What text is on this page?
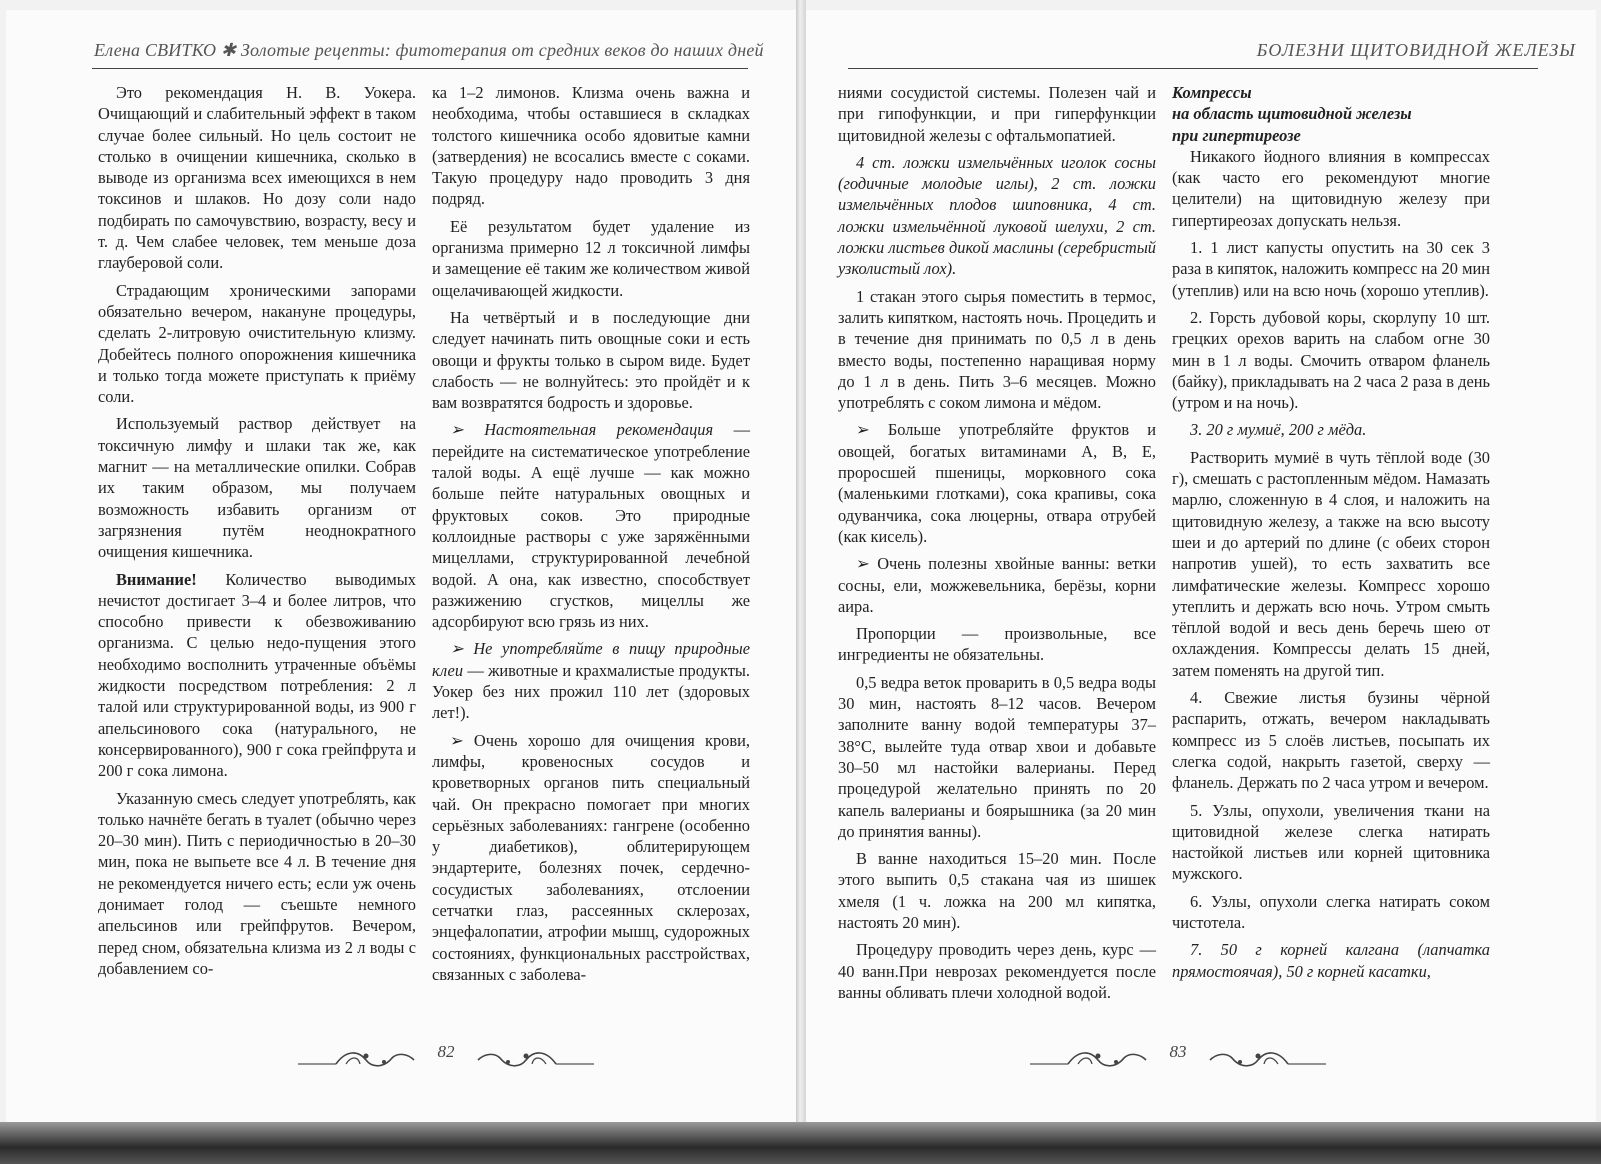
Елена СВИТКО ✱ Золотые рецепты: фитотерапия от средних веков до наших дней

Это рекомендация Н. В. Уокера. Очищающий и слабительный эффект в таком случае более сильный. Но цель состоит не столько в очищении кишечника, сколько в выводе из организма всех имеющихся в нем токсинов и шлаков. Но дозу соли надо подбирать по самочувствию, возрасту, весу и т. д. Чем слабее человек, тем меньше доза глауберовой соли.

Страдающим хроническими запорами обязательно вечером, накануне процедуры, сделать 2-литровую очистительную клизму. Добейтесь полного опорожнения кишечника и только тогда можете приступать к приёму соли.

Используемый раствор действует на токсичную лимфу и шлаки так же, как магнит — на металлические опилки. Собрав их таким образом, мы получаем возможность избавить организм от загрязнения путём неоднократного очищения кишечника.

Внимание! Количество выводимых нечистот достигает 3–4 и более литров, что способно привести к обезвоживанию организма. С целью недо-пущения этого необходимо восполнить утраченные объёмы жидкости посредством потребления: 2 л талой или структурированной воды, из 900 г апельсинового сока (натурального, не консервированного), 900 г сока грейпфрута и 200 г сока лимона.

Указанную смесь следует употреблять, как только начнёте бегать в туалет (обычно через 20–30 мин). Пить с периодичностью в 20–30 мин, пока не выпьете все 4 л. В течение дня не рекомендуется ничего есть; если уж очень донимает голод — съешьте немного апельсинов или грейпфрутов. Вечером, перед сном, обязательна клизма из 2 л воды с добавлением со-

ка 1–2 лимонов. Клизма очень важна и необходима, чтобы оставшиеся в складках толстого кишечника особо ядовитые камни (затвердения) не всосались вместе с соками. Такую процедуру надо проводить 3 дня подряд.

Её результатом будет удаление из организма примерно 12 л токсичной лимфы и замещение её таким же количеством живой ощелачивающей жидкости.

На четвёртый и в последующие дни следует начинать пить овощные соки и есть овощи и фрукты только в сыром виде. Будет слабость — не волнуйтесь: это пройдёт и к вам возвратятся бодрость и здоровье.

➢ Настоятельная рекомендация — перейдите на систематическое употребление талой воды. А ещё лучше — как можно больше пейте натуральных овощных и фруктовых соков. Это природные коллоидные растворы с уже заряжёнными мицеллами, структурированной лечебной водой. А она, как известно, способствует разжижению сгустков, мицеллы же адсорбируют всю грязь из них.

➢ Не употребляйте в пищу природные клеи — животные и крахмалистые продукты. Уокер без них прожил 110 лет (здоровых лет!).

➢ Очень хорошо для очищения крови, лимфы, кровеносных сосудов и кроветворных органов пить специальный чай. Он прекрасно помогает при многих серьёзных заболеваниях: гангрене (особенно у диабетиков), облитерирующем эндартерите, болезнях почек, сердечно-сосудистых заболеваниях, отслоении сетчатки глаз, рассеянных склерозах, энцефалопатии, атрофии мышц, судорожных состояниях, функциональных расстройствах, связанных с заболева-

82
БОЛЕЗНИ ЩИТОВИДНОЙ ЖЕЛЕЗЫ

ниями сосудистой системы. Полезен чай и при гипофункции, и при гиперфункции щитовидной железы с офтальмопатией.

4 ст. ложки измельчённых иголок сосны (годичные молодые иглы), 2 ст. ложки измельчённых плодов шиповника, 4 ст. ложки измельчённой луковой шелухи, 2 ст. ложки листьев дикой маслины (серебристый узколистый лох).

1 стакан этого сырья поместить в термос, залить кипятком, настоять ночь. Процедить и в течение дня принимать по 0,5 л в день вместо воды, постепенно наращивая норму до 1 л в день. Пить 3–6 месяцев. Можно употреблять с соком лимона и мёдом.

➢ Больше употребляйте фруктов и овощей, богатых витаминами А, В, Е, проросшей пшеницы, морковного сока (маленькими глотками), сока крапивы, сока одуванчика, сока люцерны, отвара отрубей (как кисель).

➢ Очень полезны хвойные ванны: ветки сосны, ели, можжевельника, берёзы, корни аира.

Пропорции — произвольные, все ингредиенты не обязательны.

0,5 ведра веток проварить в 0,5 ведра воды 30 мин, настоять 8–12 часов. Вечером заполните ванну водой температуры 37–38°С, вылейте туда отвар хвои и добавьте 30–50 мл настойки валерианы. Перед процедурой желательно принять по 20 капель валерианы и боярышника (за 20 мин до принятия ванны).

В ванне находиться 15–20 мин. После этого выпить 0,5 стакана чая из шишек хмеля (1 ч. ложка на 200 мл кипятка, настоять 20 мин).

Процедуру проводить через день, курс — 40 ванн.При неврозах рекомендуется после ванны обливать плечи холодной водой.

Компрессы
на область щитовидной железы
при гипертиреозе

Никакого йодного влияния в компрессах (как часто его рекомендуют многие целители) на щитовидную железу при гипертиреозах допускать нельзя.

1. 1 лист капусты опустить на 30 сек 3 раза в кипяток, наложить компресс на 20 мин (утеплив) или на всю ночь (хорошо утеплив).

2. Горсть дубовой коры, скорлупу 10 шт. грецких орехов варить на слабом огне 30 мин в 1 л воды. Смочить отваром фланель (байку), прикладывать на 2 часа 2 раза в день (утром и на ночь).

3. 20 г мумиё, 200 г мёда.

Растворить мумиё в чуть тёплой воде (30 г), смешать с растопленным мёдом. Намазать марлю, сложенную в 4 слоя, и наложить на щитовидную железу, а также на всю высоту шеи и до артерий по длине (с обеих сторон напротив ушей), то есть захватить все лимфатические железы. Компресс хорошо утеплить и держать всю ночь. Утром смыть тёплой водой и весь день беречь шею от охлаждения. Компрессы делать 15 дней, затем поменять на другой тип.

4. Свежие листья бузины чёрной распарить, отжать, вечером накладывать компресс из 5 слоёв листьев, посыпать их слегка содой, накрыть газетой, сверху — фланель. Держать по 2 часа утром и вечером.

5. Узлы, опухоли, увеличения ткани на щитовидной железе слегка натирать настойкой листьев или корней щитовника мужского.

6. Узлы, опухоли слегка натирать соком чистотела.

7. 50 г корней калгана (лапчатка прямостоячая), 50 г корней касатки,

83
